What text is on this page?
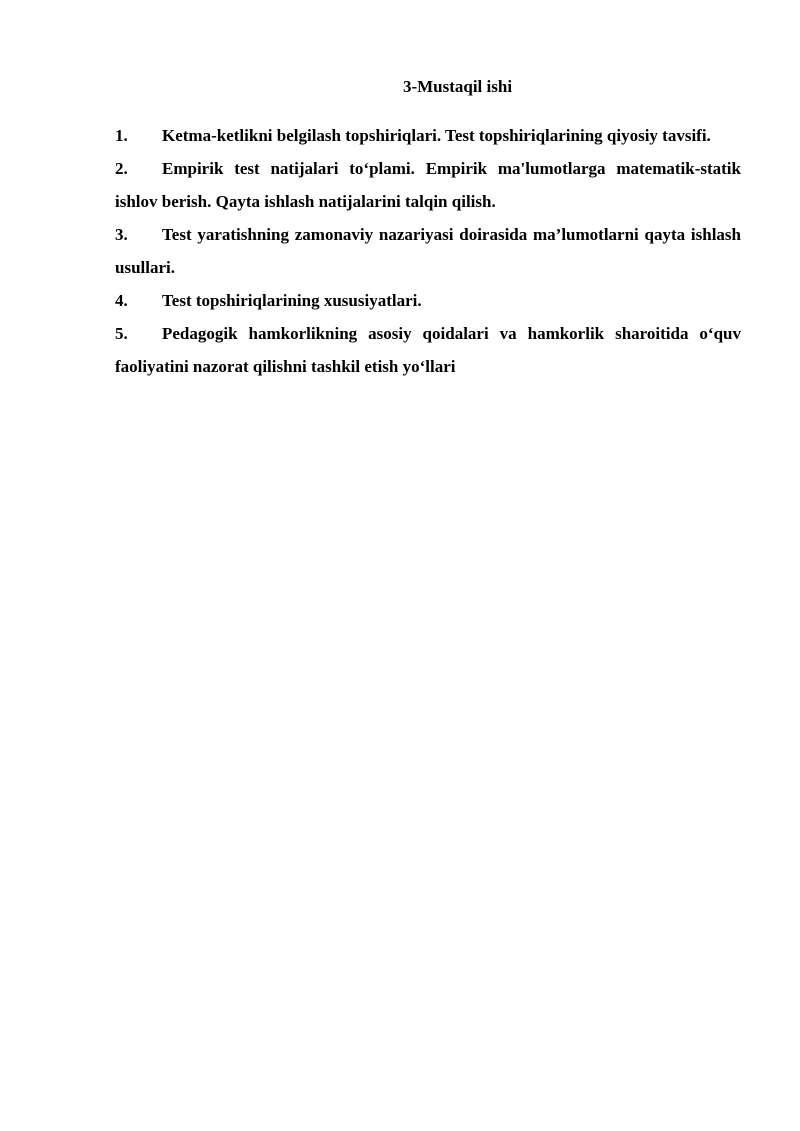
3-Mustaqil ishi
1. Ketma-ketlikni belgilash topshiriqlari. Test topshiriqlarining qiyosiy tavsifi.
2. Empirik test natijalari to‘plami. Empirik ma'lumotlarga matematik-statik ishlov berish. Qayta ishlash natijalarini talqin qilish.
3. Test yaratishning zamonaviy nazariyasi doirasida ma’lumotlarni qayta ishlash usullari.
4. Test topshiriqlarining xususiyatlari.
5. Pedagogik hamkorlikning asosiy qoidalari va hamkorlik sharoitida o‘quv faoliyatini nazorat qilishni tashkil etish yo‘llari
